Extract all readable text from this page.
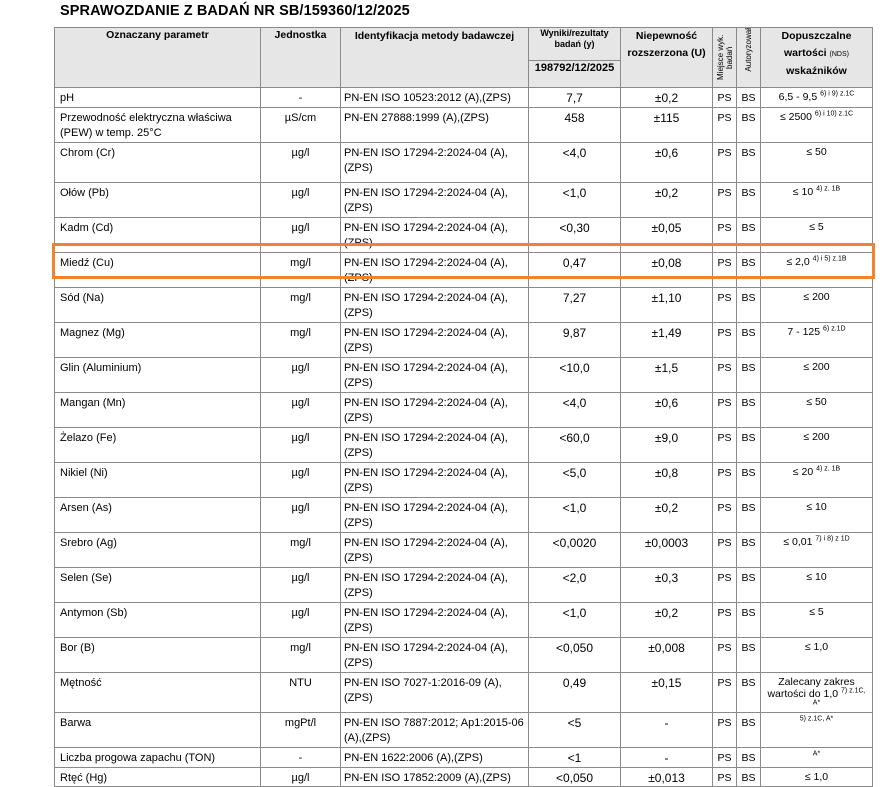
SPRAWOZDANIE Z BADAŃ NR SB/159360/12/2025
Oznaczany parametr	Jednostka	Identyfikacja metody badawczej	Wyniki/rezultaty badań (y)	Niepewność rozszerzona (U)	Miejsce wyk. badań	Autoryzował	Dopuszczalne wartości (NDS)
wskaźników
			198792/12/2025				
pH	-	PN-EN ISO 10523:2012 (A),(ZPS)	7,7	±0,2	PS	BS	6,5 - 9,5 $^{6) i 9) z.1C}$
Przewodność elektryczna właściwa (PEW) w temp. 25°C	µS/cm	PN-EN 27888:1999 (A),(ZPS)	458	±115	PS	BS	≤ 2500 $^{6) i 10) z.1C}$
Chrom (Cr)	µg/l	PN-EN ISO 17294-2:2024-04 (A),(ZPS)	<4,0	±0,6	PS	BS	≤ 50
Ołów (Pb)	µg/l	PN-EN ISO 17294-2:2024-04 (A),(ZPS)	<1,0	±0,2	PS	BS	≤ 10 $^{4) z. 1B}$
Kadm (Cd)	µg/l	PN-EN ISO 17294-2:2024-04 (A),(ZPS)	<0,30	±0,05	PS	BS	≤ 5
Miedź (Cu)	mg/l	PN-EN ISO 17294-2:2024-04 (A),(ZPS)	0,47	±0,08	PS	BS	≤ 2,0 $^{4) i 5) z.1B}$
Sód (Na)	mg/l	PN-EN ISO 17294-2:2024-04 (A),(ZPS)	7,27	±1,10	PS	BS	≤ 200
Magnez (Mg)	mg/l	PN-EN ISO 17294-2:2024-04 (A),(ZPS)	9,87	±1,49	PS	BS	7 - 125 $^{6) z.1D}$
Glin (Aluminium)	µg/l	PN-EN ISO 17294-2:2024-04 (A),(ZPS)	<10,0	±1,5	PS	BS	≤ 200
Mangan (Mn)	µg/l	PN-EN ISO 17294-2:2024-04 (A),(ZPS)	<4,0	±0,6	PS	BS	≤ 50
Żelazo (Fe)	µg/l	PN-EN ISO 17294-2:2024-04 (A),(ZPS)	<60,0	±9,0	PS	BS	≤ 200
Nikiel (Ni)	µg/l	PN-EN ISO 17294-2:2024-04 (A),(ZPS)	<5,0	±0,8	PS	BS	≤ 20 $^{4) z. 1B}$
Arsen (As)	µg/l	PN-EN ISO 17294-2:2024-04 (A),(ZPS)	<1,0	±0,2	PS	BS	≤ 10
Srebro (Ag)	mg/l	PN-EN ISO 17294-2:2024-04 (A),(ZPS)	<0,0020	±0,0003	PS	BS	≤ 0,01 $^{7) i 8) z 1D}$
Selen (Se)	µg/l	PN-EN ISO 17294-2:2024-04 (A),(ZPS)	<2,0	±0,3	PS	BS	≤ 10
Antymon (Sb)	µg/l	PN-EN ISO 17294-2:2024-04 (A),(ZPS)	<1,0	±0,2	PS	BS	≤ 5
Bor (B)	mg/l	PN-EN ISO 17294-2:2024-04 (A),(ZPS)	<0,050	±0,008	PS	BS	≤ 1,0
Mętność	NTU	PN-EN ISO 7027-1:2016-09 (A),(ZPS)	0,49	±0,15	PS	BS	Zalecany zakres wartości do 1,0 $^{7) z.1C, A*}$
Barwa	mgPt/l	PN-EN ISO 7887:2012; Ap1:2015-06 (A),(ZPS)	<5	-	PS	BS	$^{5) z.1C, A*}$
Liczba progowa zapachu (TON)	-	PN-EN 1622:2006 (A),(ZPS)	<1	-	PS	BS	$^{A*}$
Rtęć (Hg)	µg/l	PN-EN ISO 17852:2009 (A),(ZPS)	<0,050	±0,013	PS	BS	≤ 1,0
